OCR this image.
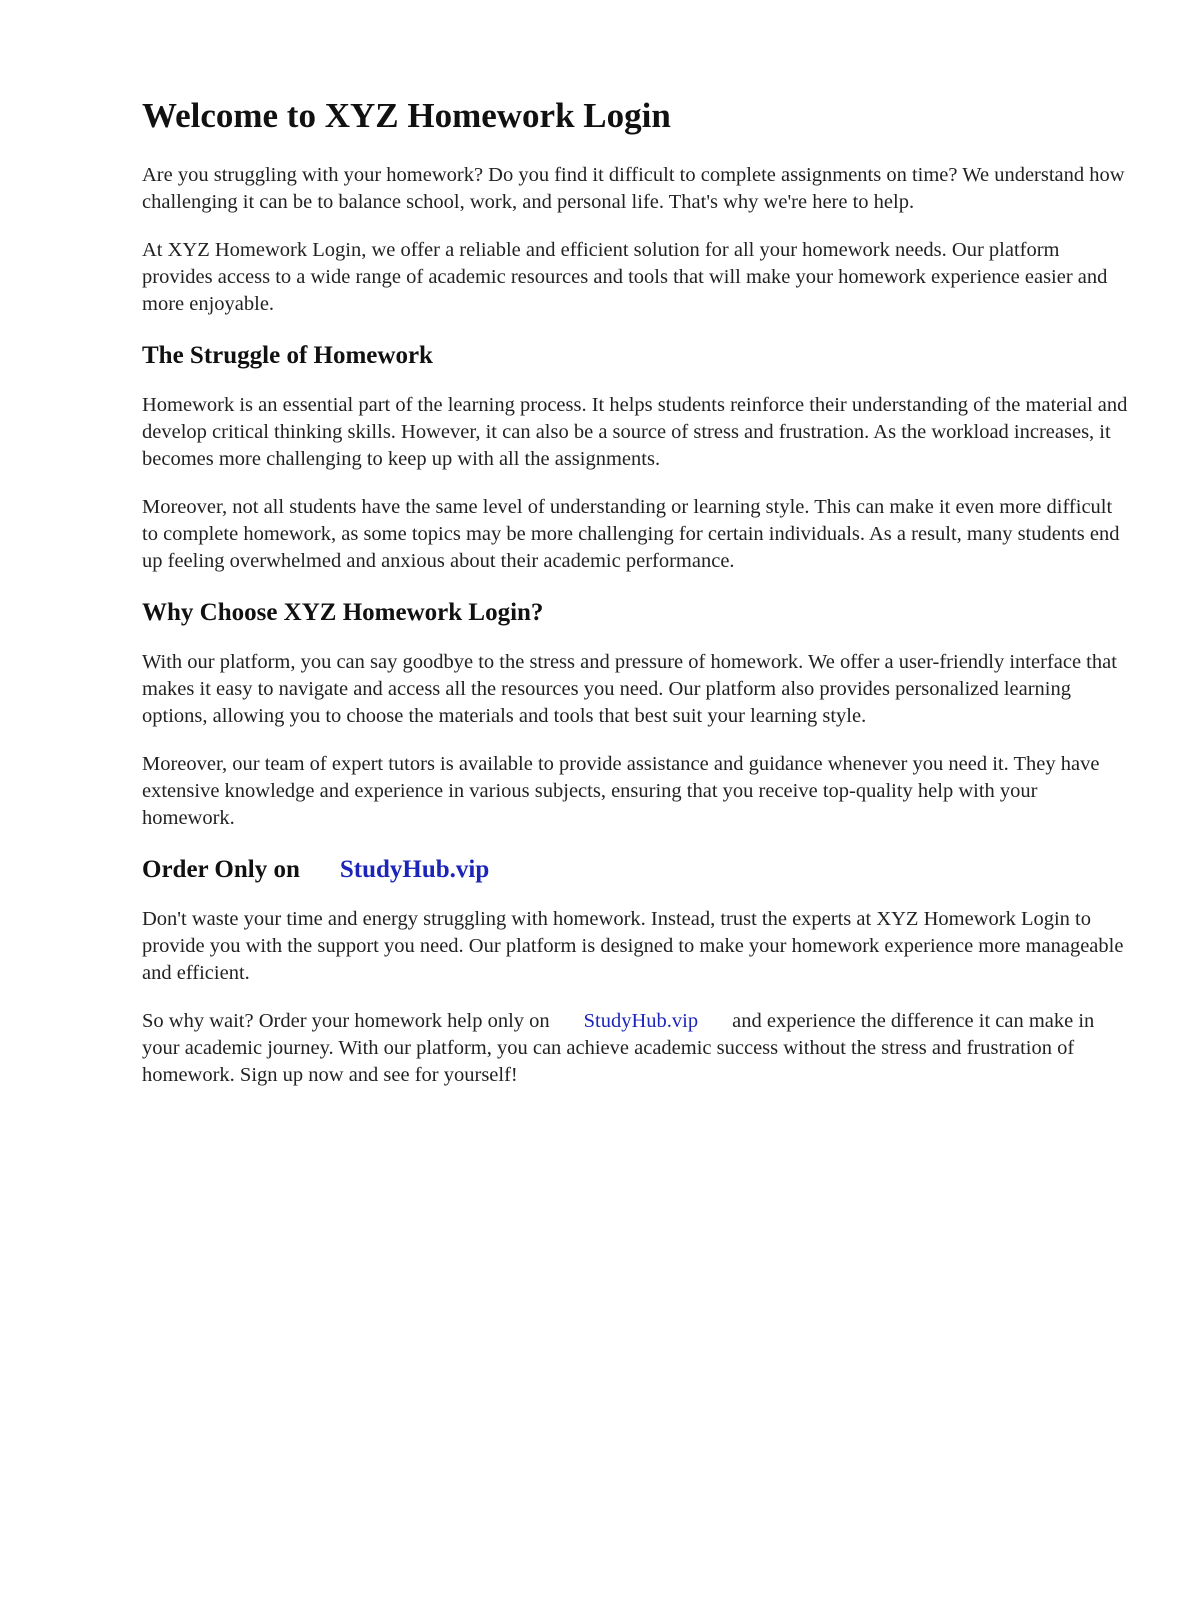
Welcome to XYZ Homework Login

Are you struggling with your homework? Do you find it difficult to complete assignments on time? We understand how challenging it can be to balance school, work, and personal life. That's why we're here to help.

At XYZ Homework Login, we offer a reliable and efficient solution for all your homework needs. Our platform provides access to a wide range of academic resources and tools that will make your homework experience easier and more enjoyable.

The Struggle of Homework

Homework is an essential part of the learning process. It helps students reinforce their understanding of the material and develop critical thinking skills. However, it can also be a source of stress and frustration. As the workload increases, it becomes more challenging to keep up with all the assignments.

Moreover, not all students have the same level of understanding or learning style. This can make it even more difficult to complete homework, as some topics may be more challenging for certain individuals. As a result, many students end up feeling overwhelmed and anxious about their academic performance.

Why Choose XYZ Homework Login?

With our platform, you can say goodbye to the stress and pressure of homework. We offer a user-friendly interface that makes it easy to navigate and access all the resources you need. Our platform also provides personalized learning options, allowing you to choose the materials and tools that best suit your learning style.

Moreover, our team of expert tutors is available to provide assistance and guidance whenever you need it. They have extensive knowledge and experience in various subjects, ensuring that you receive top-quality help with your homework.

Order Only on StudyHub.vip

Don't waste your time and energy struggling with homework. Instead, trust the experts at XYZ Homework Login to provide you with the support you need. Our platform is designed to make your homework experience more manageable and efficient.

So why wait? Order your homework help only on StudyHub.vip and experience the difference it can make in your academic journey. With our platform, you can achieve academic success without the stress and frustration of homework. Sign up now and see for yourself!
